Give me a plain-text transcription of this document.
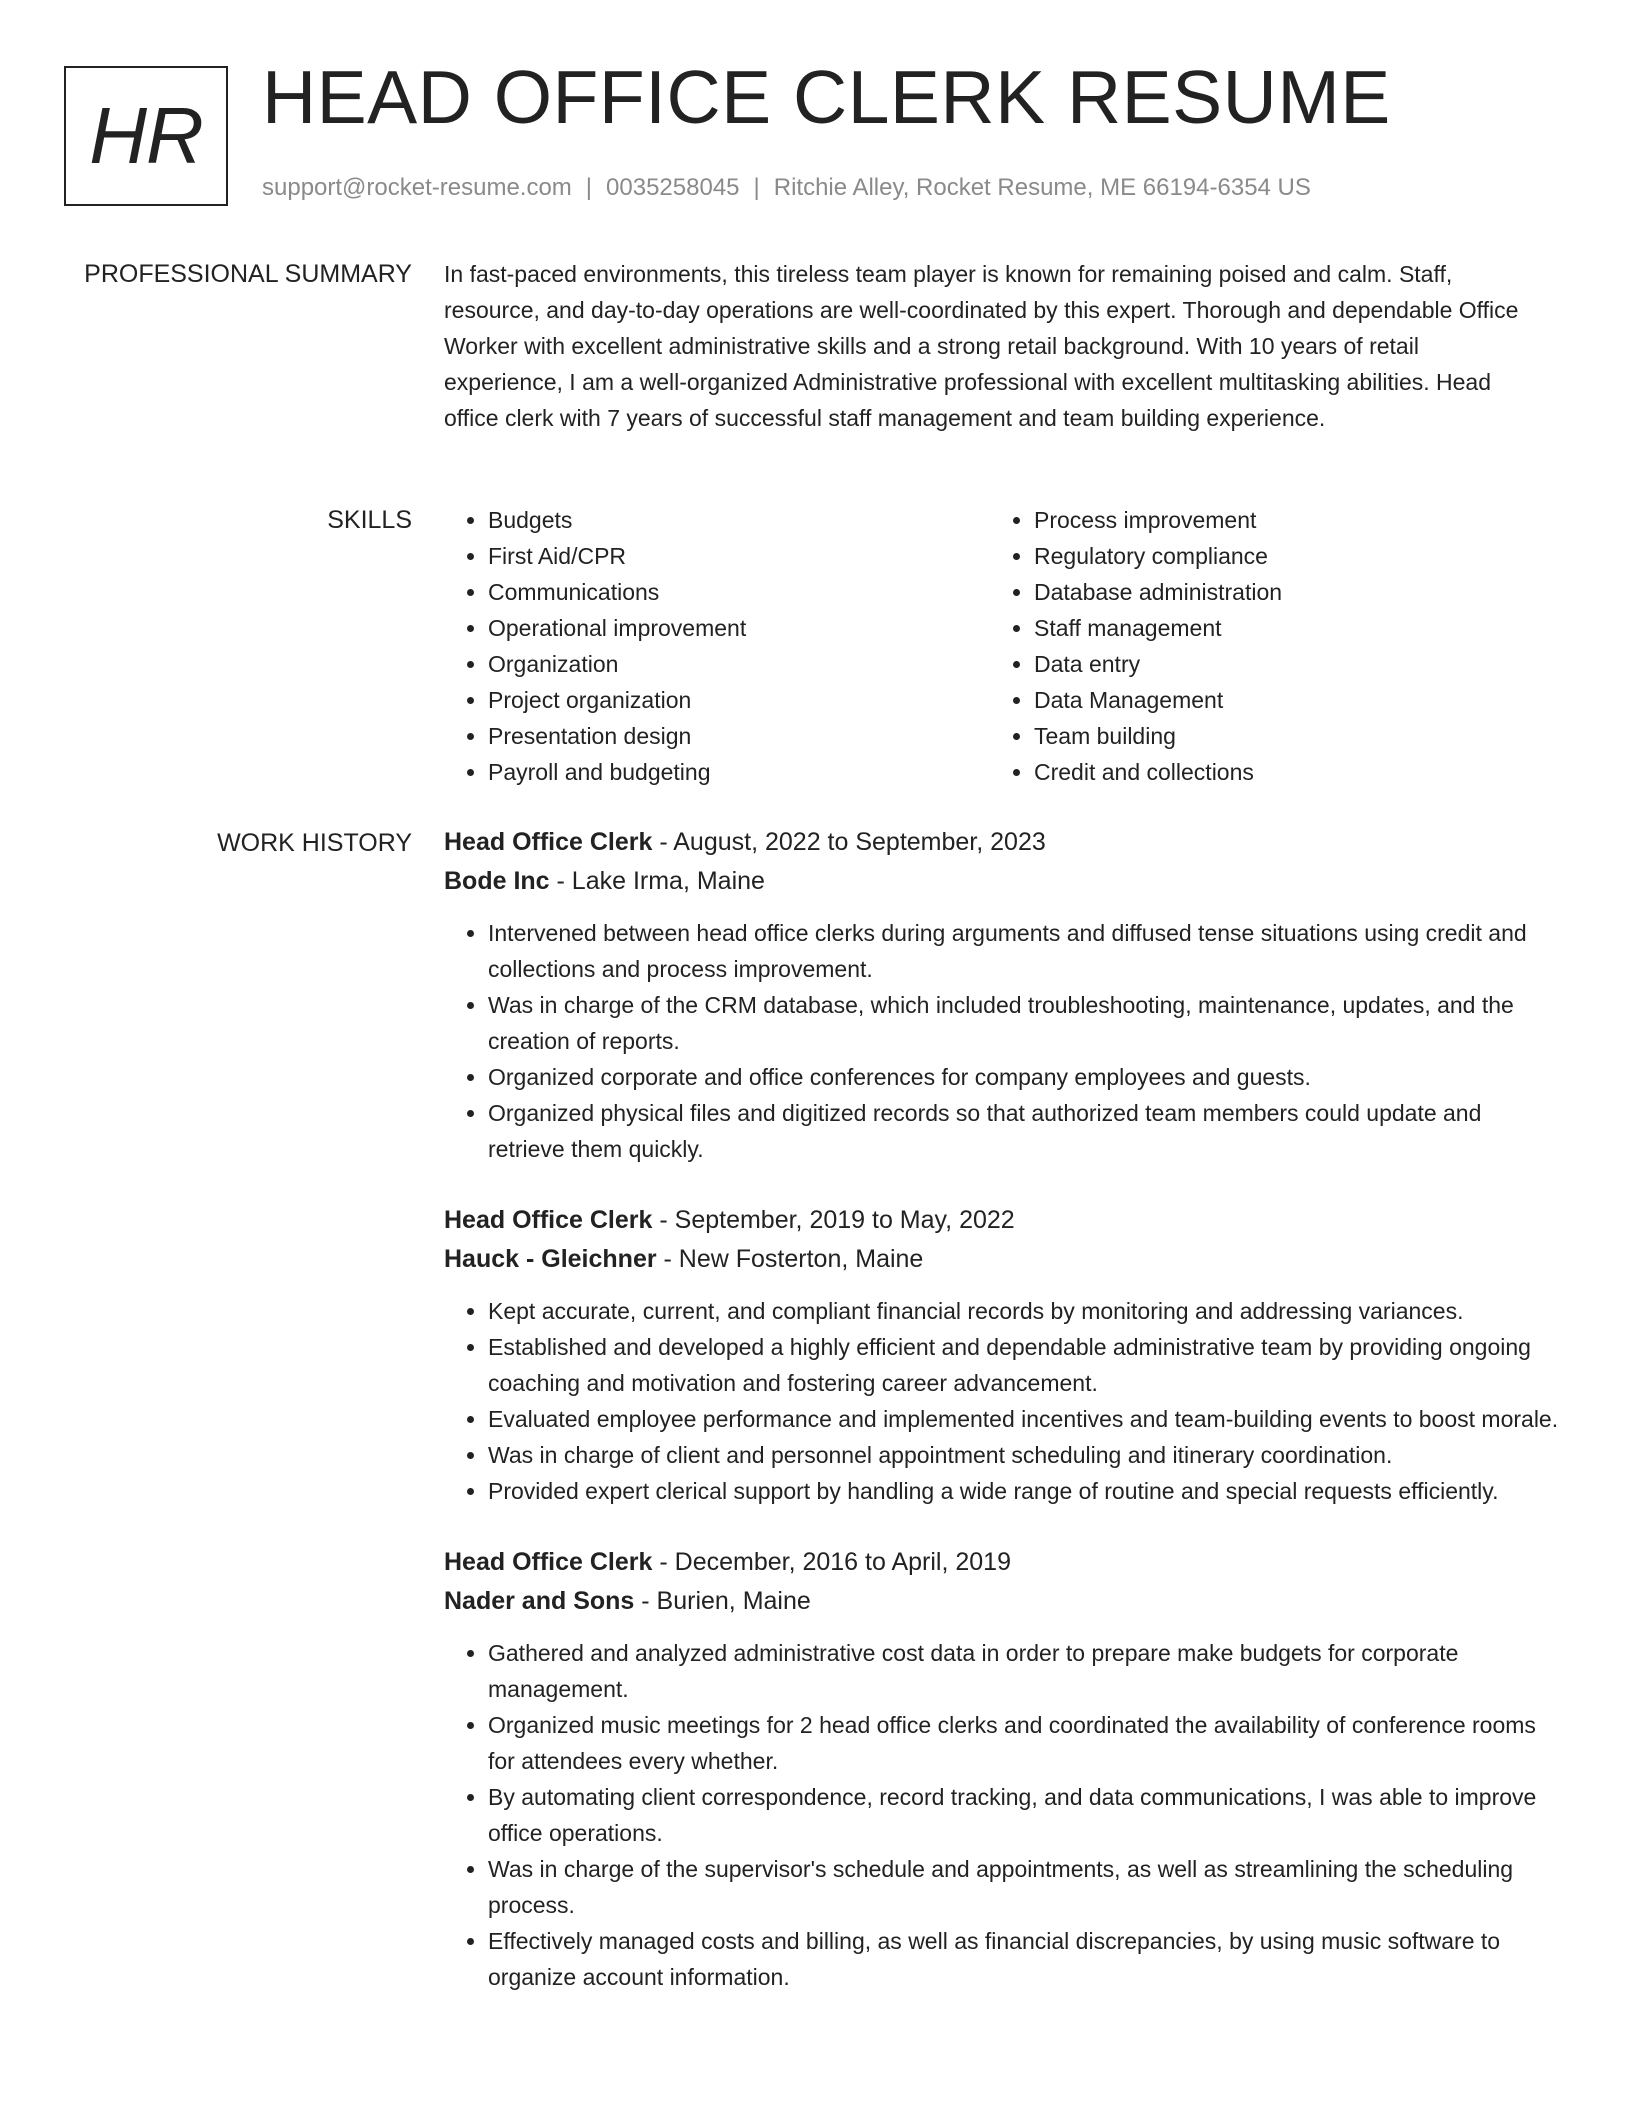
HR HEAD OFFICE CLERK RESUME
support@rocket-resume.com | 0035258045 | Ritchie Alley, Rocket Resume, ME 66194-6354 US
PROFESSIONAL SUMMARY In fast-paced environments, this tireless team player is known for remaining poised and calm. Staff, resource, and day-to-day operations are well-coordinated by this expert. Thorough and dependable Office Worker with excellent administrative skills and a strong retail background. With 10 years of retail experience, I am a well-organized Administrative professional with excellent multitasking abilities. Head office clerk with 7 years of successful staff management and team building experience.

SKILLS
•	Budgets
• First Aid/CPR
• Communications
• Operational improvement
• Organization
• Project organization
• Presentation design
• Payroll and budgeting
• Process improvement
• Regulatory compliance
• Database administration
• Staff management
• Data entry
• Data Management
• Team building
• Credit and collections
WORK HISTORY Head Office Clerk - August, 2022 to September, 2023
Bode Inc - Lake Irma, Maine
• Intervened between head office clerks during arguments and diffused tense situations using credit and collections and process improvement.
• Was in charge of the CRM database, which included troubleshooting, maintenance, updates, and the creation of reports.
• Organized corporate and office conferences for company employees and guests.
• Organized physical files and digitized records so that authorized team members could update and retrieve them quickly.
Head Office Clerk - September, 2019 to May, 2022
Hauck - Gleichner - New Fosterton, Maine
• Kept accurate, current, and compliant financial records by monitoring and addressing variances.
• Established and developed a highly efficient and dependable administrative team by providing ongoing coaching and motivation and fostering career advancement.
• Evaluated employee performance and implemented incentives and team-building events to boost morale.
• Was in charge of client and personnel appointment scheduling and itinerary coordination.
• Provided expert clerical support by handling a wide range of routine and special requests efficiently.
Head Office Clerk - December, 2016 to April, 2019
Nader and Sons - Burien, Maine
• Gathered and analyzed administrative cost data in order to prepare make budgets for corporate management.
• Organized music meetings for 2 head office clerks and coordinated the availability of conference rooms for attendees every whether.
• By automating client correspondence, record tracking, and data communications, I was able to improve office operations.
• Was in charge of the supervisor's schedule and appointments, as well as streamlining the scheduling process.
• Effectively managed costs and billing, as well as financial discrepancies, by using music software to organize account information.
